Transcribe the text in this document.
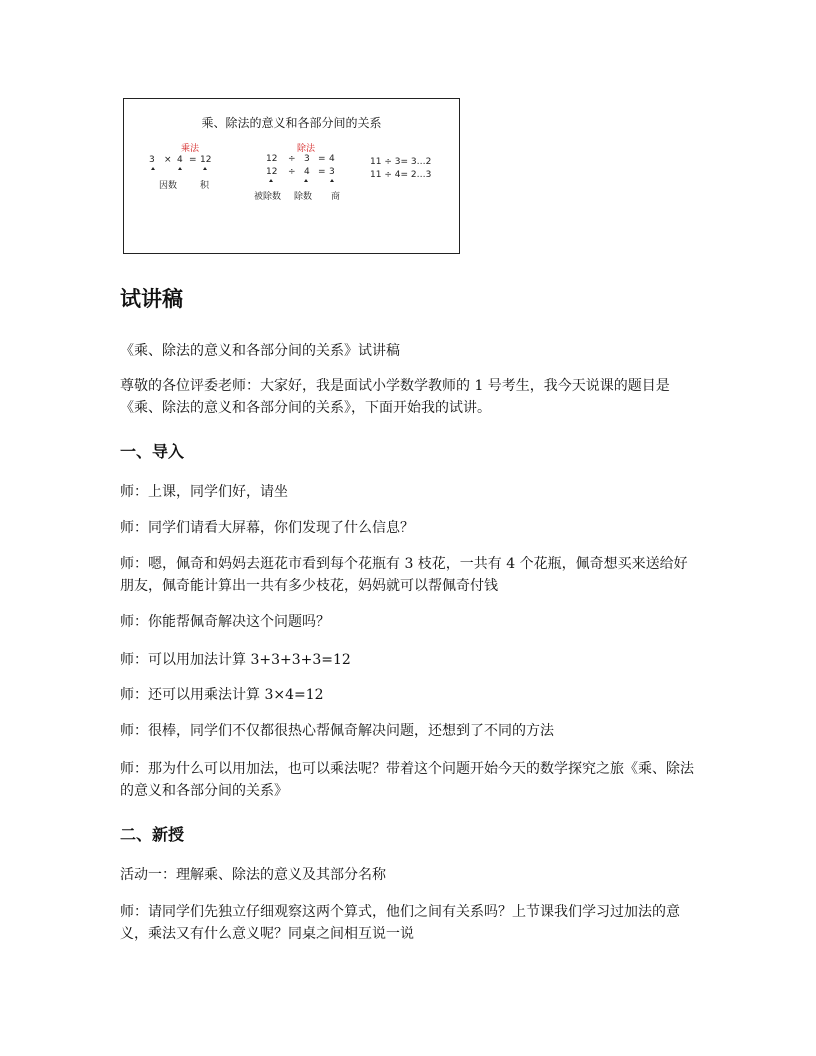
乘、除法的意义和各部分间的关系
乘法
3 × 4 = 12
因数	积
除法
12 ÷ 3 = 4
12 ÷ 4 = 3
被除数 除数 商
11 ÷ 3= 3…2
11 ÷ 4= 2…3
试讲稿

《乘、除法的意义和各部分间的关系》试讲稿

尊敬的各位评委老师：大家好，我是面试小学数学教师的 1 号考生，我今天说课的题目是《乘、除法的意义和各部分间的关系》，下面开始我的试讲。

一、导入

师：上课，同学们好，请坐

师：同学们请看大屏幕，你们发现了什么信息？

师：嗯，佩奇和妈妈去逛花市看到每个花瓶有 3 枝花，一共有 4 个花瓶，佩奇想买来送给好朋友，佩奇能计算出一共有多少枝花，妈妈就可以帮佩奇付钱

师：你能帮佩奇解决这个问题吗？

师：可以用加法计算 3+3+3+3=12

师：还可以用乘法计算 3×4=12

师：很棒，同学们不仅都很热心帮佩奇解决问题，还想到了不同的方法

师：那为什么可以用加法，也可以乘法呢？带着这个问题开始今天的数学探究之旅《乘、除法的意义和各部分间的关系》

二、新授

活动一：理解乘、除法的意义及其部分名称

师：请同学们先独立仔细观察这两个算式，他们之间有关系吗？上节课我们学习过加法的意义，乘法又有什么意义呢？同桌之间相互说一说
